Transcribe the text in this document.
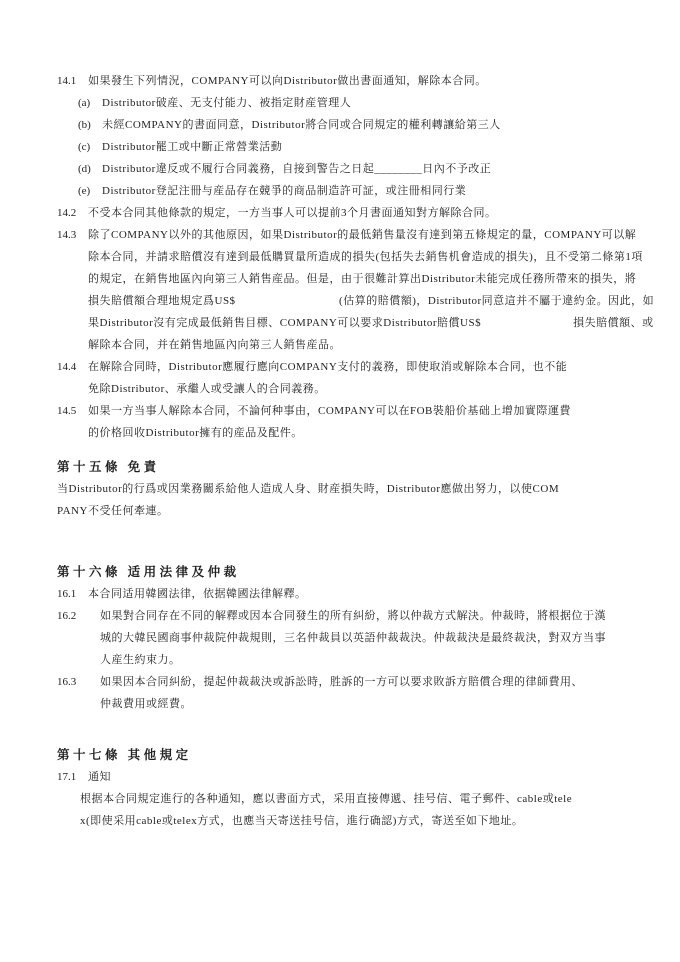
14.1	如果發生下列情況，COMPANY可以向Distributor做出書面通知，解除本合同。
(a)	Distributor破産、无支付能力、被指定財産管理人
(b)	未經COMPANY的書面同意，Distributor將合同或合同規定的權利轉讓給第三人
(c)	Distributor罷工或中斷正常營業活動
(d)	Distributor違反或不履行合同義務，自接到警告之日起________日內不予改正
(e)	Distributor登記注冊与産品存在競爭的商品制造許可証，或注冊相同行業
14.2	不受本合同其他條款的規定，一方当事人可以提前3个月書面通知對方解除合同。
14.3	除了COMPANY以外的其他原因，如果Distributor的最低銷售量沒有達到第五條規定的量，COMPANY可以解
除本合同，并請求賠償沒有達到最低購買量所造成的損失(包括失去銷售机會造成的損失)，且不受第二條第1項
的規定，在銷售地區內向第三人銷售産品。但是，由于很難計算出Distributor未能完成任務所帶來的損失，將
損失賠償額合理地規定爲US$　　　　　　　　　(估算的賠償額)，Distributor同意這并不屬于違約金。因此，如
果Distributor沒有完成最低銷售目標、COMPANY可以要求Distributor賠償US$　　　　　　　　損失賠償額、或
解除本合同，并在銷售地區內向第三人銷售産品。
14.4	在解除合同時，Distributor應履行應向COMPANY支付的義務，即使取消或解除本合同，也不能
免除Distributor、承繼人或受讓人的合同義務。
14.5	如果一方当事人解除本合同，不論何种事由，COMPANY可以在FOB裝船价基础上增加實際運費
的价格回收Distributor擁有的産品及配件。
第十五條 免責
当Distributor的行爲或因業務關系給他人造成人身、財産損失時，Distributor應做出努力，以使COM
PANY不受任何牽連。
第十六條 适用法律及仲裁
16.1	本合同适用韓國法律，依据韓國法律解釋。
16.2	如果對合同存在不同的解釋或因本合同發生的所有糾紛，將以仲裁方式解決。仲裁時，將根据位于漢
城的大韓民國商事仲裁院仲裁規則，三名仲裁員以英語仲裁裁決。仲裁裁決是最終裁決，對双方当事
人産生約束力。
16.3	如果因本合同糾紛，提起仲裁裁決或訴訟時，胜訴的一方可以要求敗訴方賠償合理的律師費用、
仲裁費用或經費。
第十七條 其他規定
17.1	通知
根据本合同規定進行的各种通知，應以書面方式，采用直接傳遞、挂号信、電子郵件、cable或tele
x(即使采用cable或telex方式，也應当天寄送挂号信，進行确認)方式，寄送至如下地址。
